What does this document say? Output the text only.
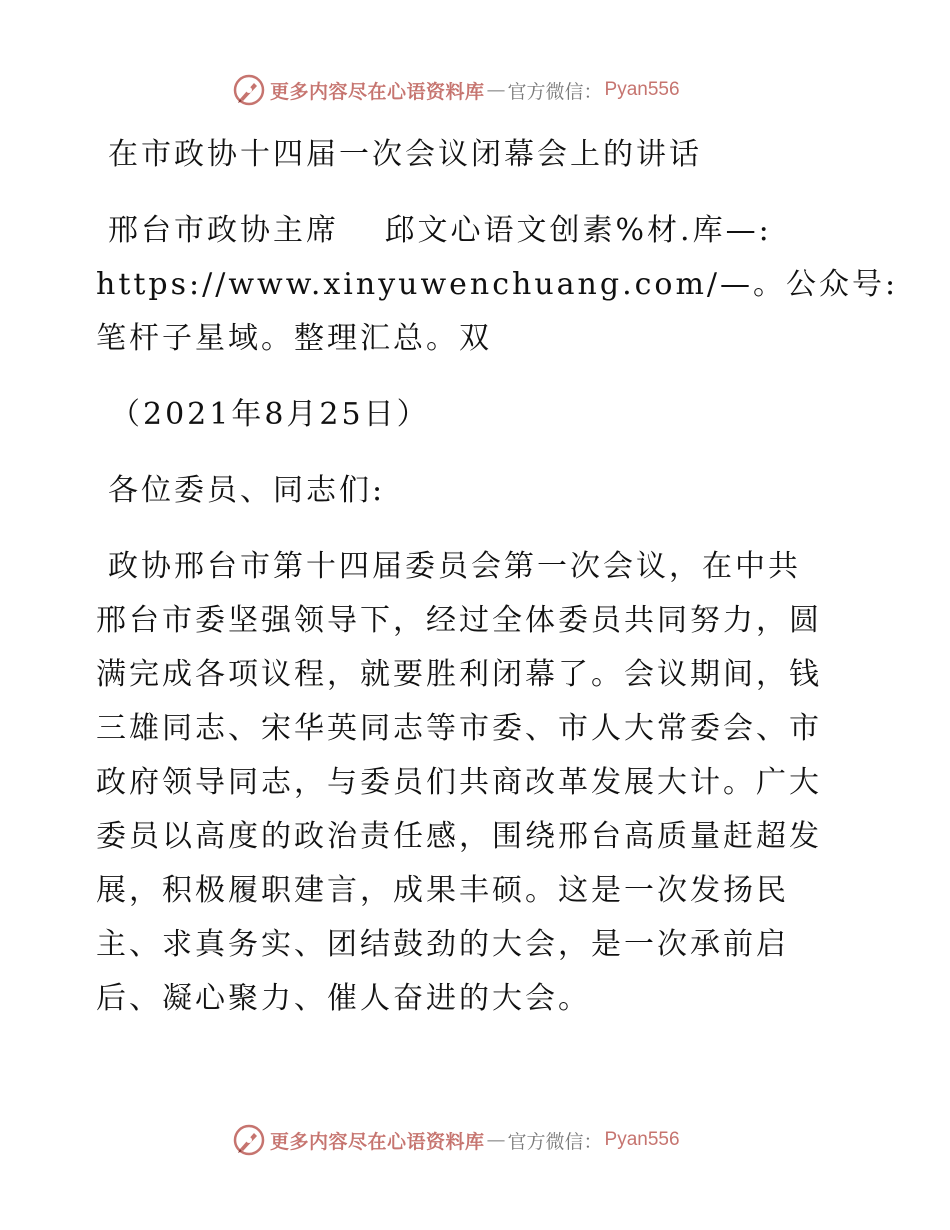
更多内容尽在心语资料库 — 官方微信： Pyan556
在市政协十四届一次会议闭幕会上的讲话
邢台市政协主席　 邱文心语文创素%材.库—:
https://www.xinyuwenchuang.com/—。公众号:
笔杆子星域。整理汇总。双
（2021年8月25日）
各位委员、同志们:
政协邢台市第十四届委员会第一次会议，在中共
邢台市委坚强领导下，经过全体委员共同努力，圆
满完成各项议程，就要胜利闭幕了。会议期间，钱
三雄同志、宋华英同志等市委、市人大常委会、市
政府领导同志，与委员们共商改革发展大计。广大
委员以高度的政治责任感，围绕邢台高质量赶超发
展，积极履职建言，成果丰硕。这是一次发扬民
主、求真务实、团结鼓劲的大会，是一次承前启
后、凝心聚力、催人奋进的大会。
更多内容尽在心语资料库 — 官方微信： Pyan556
